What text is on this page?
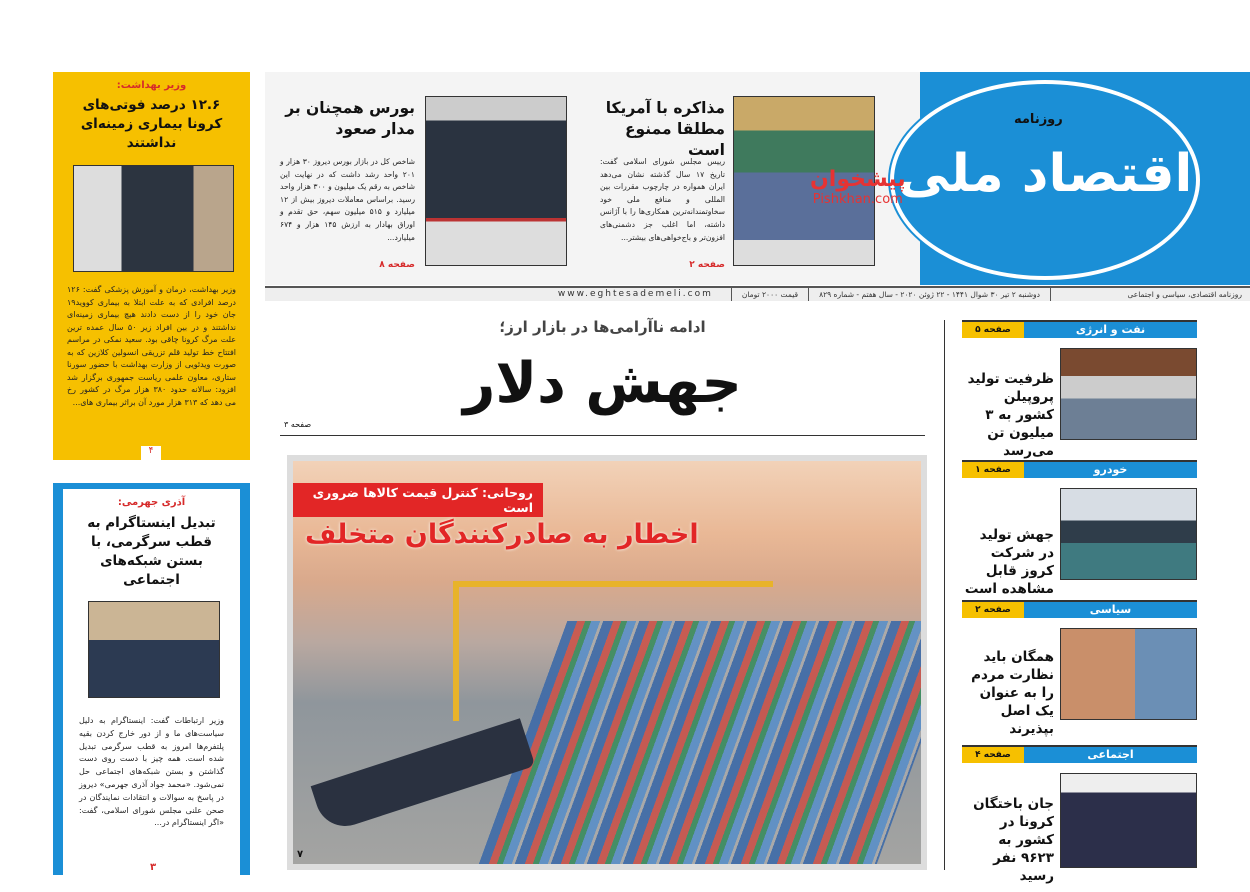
روزنامه
اقتصاد ملی
مذاکره با آمریکا مطلقا ممنوع است
رییس مجلس شورای اسلامی گفت: تاریخ ۱۷ سال گذشته نشان می‌دهد ایران همواره در چارچوب مقررات بین المللی و منافع ملی خود سخاوتمندانه‌ترین همکاری‌ها را با آژانس داشته، اما اغلب جز دشمنی‌های افزون‌تر و باج‌خواهی‌های بیشتر...
صفحه ۲
بورس همچنان بر مدار صعود
شاخص کل در بازار بورس دیروز ۳۰ هزار و ۲۰۱ واحد رشد داشت که در نهایت این شاخص به رقم یک میلیون و ۳۰۰ هزار واحد رسید. براساس معاملات دیروز بیش از ۱۲ میلیارد و ۵۱۵ میلیون سهم، حق تقدم و اوراق بهادار به ارزش ۱۴۵ هزار و ۶۷۴ میلیارد...
صفحه ۸
پیشخوان
Pishkhan.com
روزنامه اقتصادی، سیاسی و اجتماعی
دوشنبه ۲ تیر ۳۰ شوال ۱۴۴۱ - ۲۲ ژوئن ۲۰۲۰ - سال هفتم - شماره ۸۲۹
قیمت ۲۰۰۰ تومان
www.eghtesademeli.com
ادامه ناآرامی‌ها در بازار ارز؛
جهش دلار
صفحه ۳
روحانی: کنترل قیمت کالاها ضروری است
اخطار به صادرکنندگان متخلف
۷
نفت و انرژی
صفحه ۵
ظرفیت تولید پروپیلن کشور به ۳ میلیون تن می‌رسد
خودرو
صفحه ۱
جهش تولید در شرکت کروز قابل مشاهده است
سیاسی
صفحه ۲
همگان باید نظارت مردم را به عنوان یک اصل بپذیرند
اجتماعی
صفحه ۴
جان باختگان کرونا در کشور به ۹۶۲۳ نفر رسید
وزیر بهداشت:
۱۲.۶ درصد فوتی‌های کرونا بیماری زمینه‌ای نداشتند
وزیر بهداشت، درمان و آموزش پزشکی گفت: ۱۲۶ درصد افرادی که به علت ابتلا به بیماری کووید۱۹ جان خود را از دست دادند هیچ بیماری زمینه‌ای نداشتند و در بین افراد زیر ۵۰ سال عمده ترین علت مرگ کرونا چاقی بود. سعید نمکی در مراسم افتتاح خط تولید قلم تزریقی انسولین کلازین که به صورت ویدئویی از وزارت بهداشت با حضور سورنا ستاری، معاون علمی ریاست جمهوری برگزار شد افزود: سالانه حدود ۳۸۰ هزار مرگ در کشور رخ می دهد که ۳۱۳ هزار مورد آن براثر بیماری های...
۴
آذری جهرمی:
تبدیل اینستاگرام به قطب سرگرمی، با بستن شبکه‌های اجتماعی
وزیر ارتباطات گفت: اینستاگرام به دلیل سیاست‌های ما و از دور خارج کردن بقیه پلتفرم‌ها امروز به قطب سرگرمی تبدیل شده است. همه چیز با دست روی دست گذاشتن و بستن شبکه‌های اجتماعی حل نمی‌شود. «محمد جواد آذری جهرمی» دیروز در پاسخ به سوالات و انتقادات نمایندگان در صحن علنی مجلس شورای اسلامی، گفت: «اگر اینستاگرام در...
۳
